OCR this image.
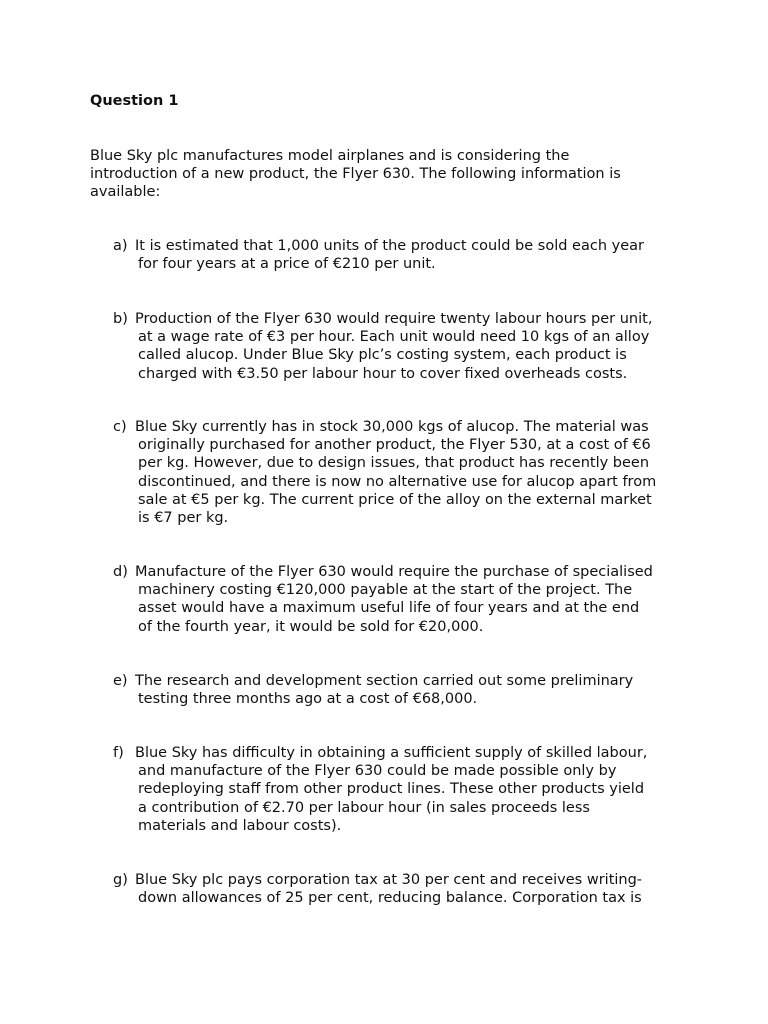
Question 1

Blue Sky plc manufactures model airplanes and is considering the
introduction of a new product, the Flyer 630. The following information is
available:

a) It is estimated that 1,000 units of the product could be sold each year
for four years at a price of €210 per unit.
b) Production of the Flyer 630 would require twenty labour hours per unit,
at a wage rate of €3 per hour. Each unit would need 10 kgs of an alloy
called alucop. Under Blue Sky plc’s costing system, each product is
charged with €3.50 per labour hour to cover fixed overheads costs.
c) Blue Sky currently has in stock 30,000 kgs of alucop. The material was
originally purchased for another product, the Flyer 530, at a cost of €6
per kg. However, due to design issues, that product has recently been
discontinued, and there is now no alternative use for alucop apart from
sale at €5 per kg. The current price of the alloy on the external market
is €7 per kg.
d) Manufacture of the Flyer 630 would require the purchase of specialised
machinery costing €120,000 payable at the start of the project. The
asset would have a maximum useful life of four years and at the end
of the fourth year, it would be sold for €20,000.
e) The research and development section carried out some preliminary
testing three months ago at a cost of €68,000.
f) Blue Sky has difficulty in obtaining a sufficient supply of skilled labour,
and manufacture of the Flyer 630 could be made possible only by
redeploying staff from other product lines. These other products yield
a contribution of €2.70 per labour hour (in sales proceeds less
materials and labour costs).
g) Blue Sky plc pays corporation tax at 30 per cent and receives writing-
down allowances of 25 per cent, reducing balance. Corporation tax is
